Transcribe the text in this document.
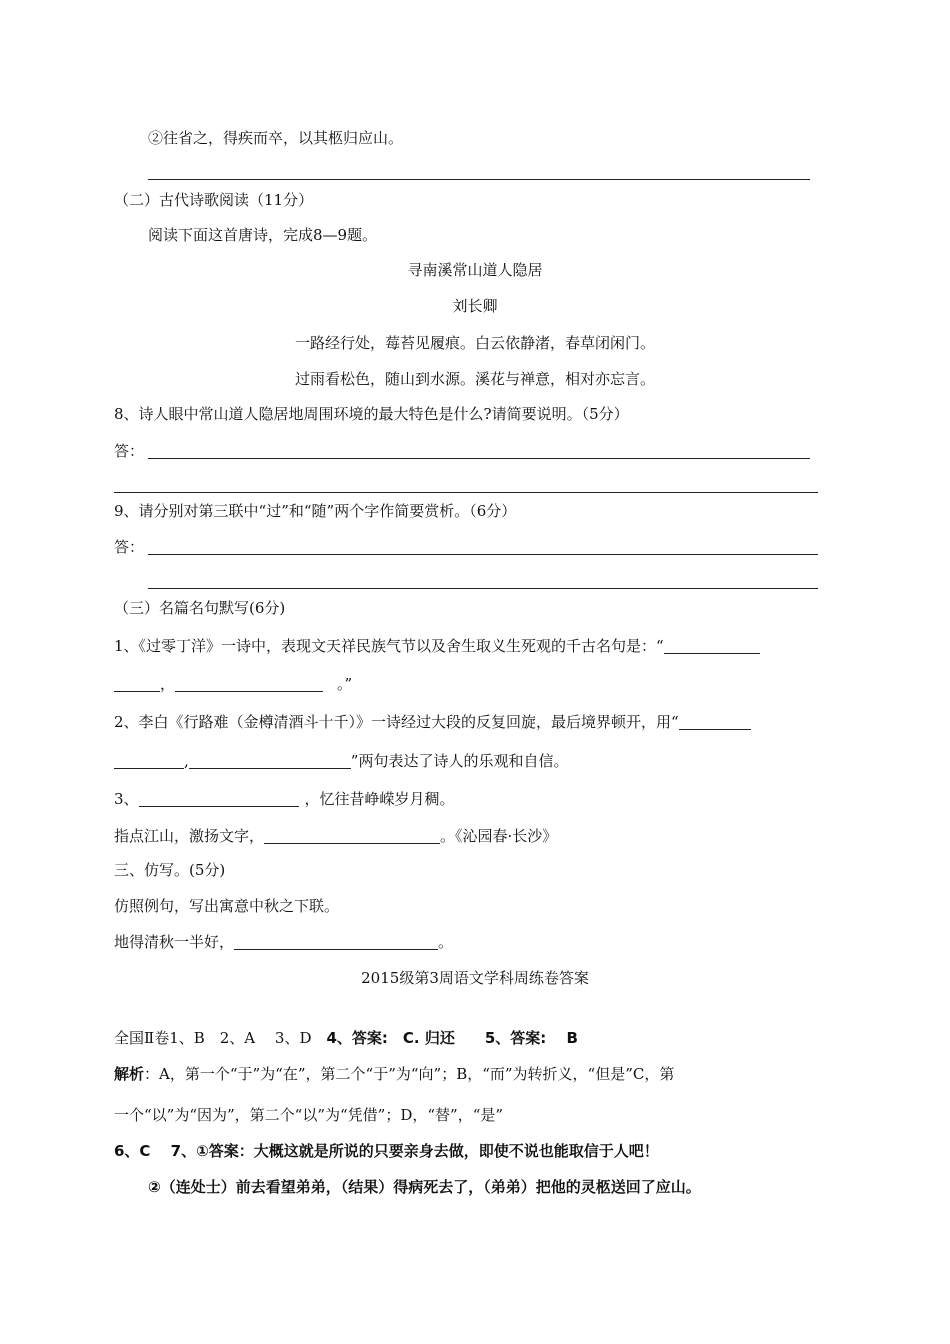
②往省之，得疾而卒，以其柩归应山。
（二）古代诗歌阅读（11分）
阅读下面这首唐诗，完成8—9题。
寻南溪常山道人隐居
刘长卿
一路经行处，莓苔见履痕。白云依静渚，春草闭闲门。
过雨看松色，随山到水源。溪花与禅意，相对亦忘言。
8、诗人眼中常山道人隐居地周围环境的最大特色是什么?请简要说明。（5分）
答：
9、请分别对第三联中“过”和“随”两个字作简要赏析。（6分）
答：
（三）名篇名句默写(6分)
1、《过零丁洋》一诗中，表现文天祥民族气节以及舍生取义生死观的千古名句是：“
，	。”
2、李白《行路难（金樽清酒斗十千）》一诗经过大段的反复回旋，最后境界顿开，用“
,	”两句表达了诗人的乐观和自信。
3、	，忆往昔峥嵘岁月稠。
指点江山，激扬文字，	。《沁园春·长沙》
三、仿写。(5分)
仿照例句，写出寓意中秋之下联。
地得清秋一半好，	。
2015级第3周语文学科周练卷答案
全国Ⅱ卷1、B　2、A　 3、D　4、答案:　C. 归还　　5、答案:　 B
解析：A，第一个“于”为“在”，第二个“于”为“向”；B，“而”为转折义，“但是”C，第
一个“以”为“因为”，第二个“以”为“凭借”；D，“替”，“是”
6、C　 7、①答案：大概这就是所说的只要亲身去做，即使不说也能取信于人吧！
②（连处士）前去看望弟弟，（结果）得病死去了，（弟弟）把他的灵柩送回了应山。
